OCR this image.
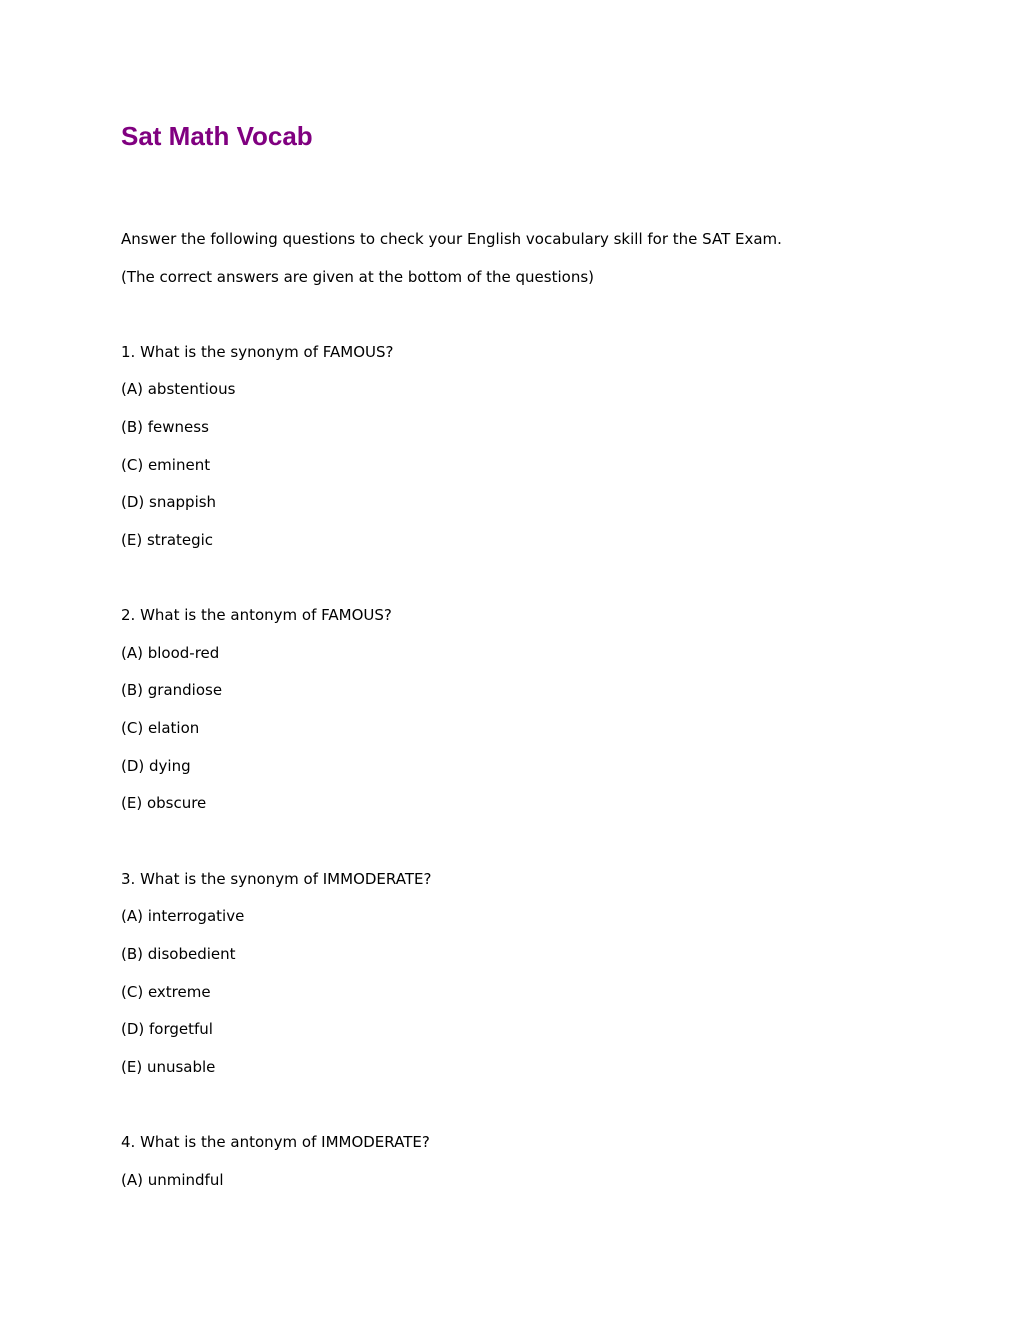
Sat Math Vocab

Answer the following questions to check your English vocabulary skill for the SAT Exam.

(The correct answers are given at the bottom of the questions)

1. What is the synonym of FAMOUS?

(A) abstentious

(B) fewness

(C) eminent

(D) snappish

(E) strategic

2. What is the antonym of FAMOUS?

(A) blood-red

(B) grandiose

(C) elation

(D) dying

(E) obscure

3. What is the synonym of IMMODERATE?

(A) interrogative

(B) disobedient

(C) extreme

(D) forgetful

(E) unusable

4. What is the antonym of IMMODERATE?

(A) unmindful
